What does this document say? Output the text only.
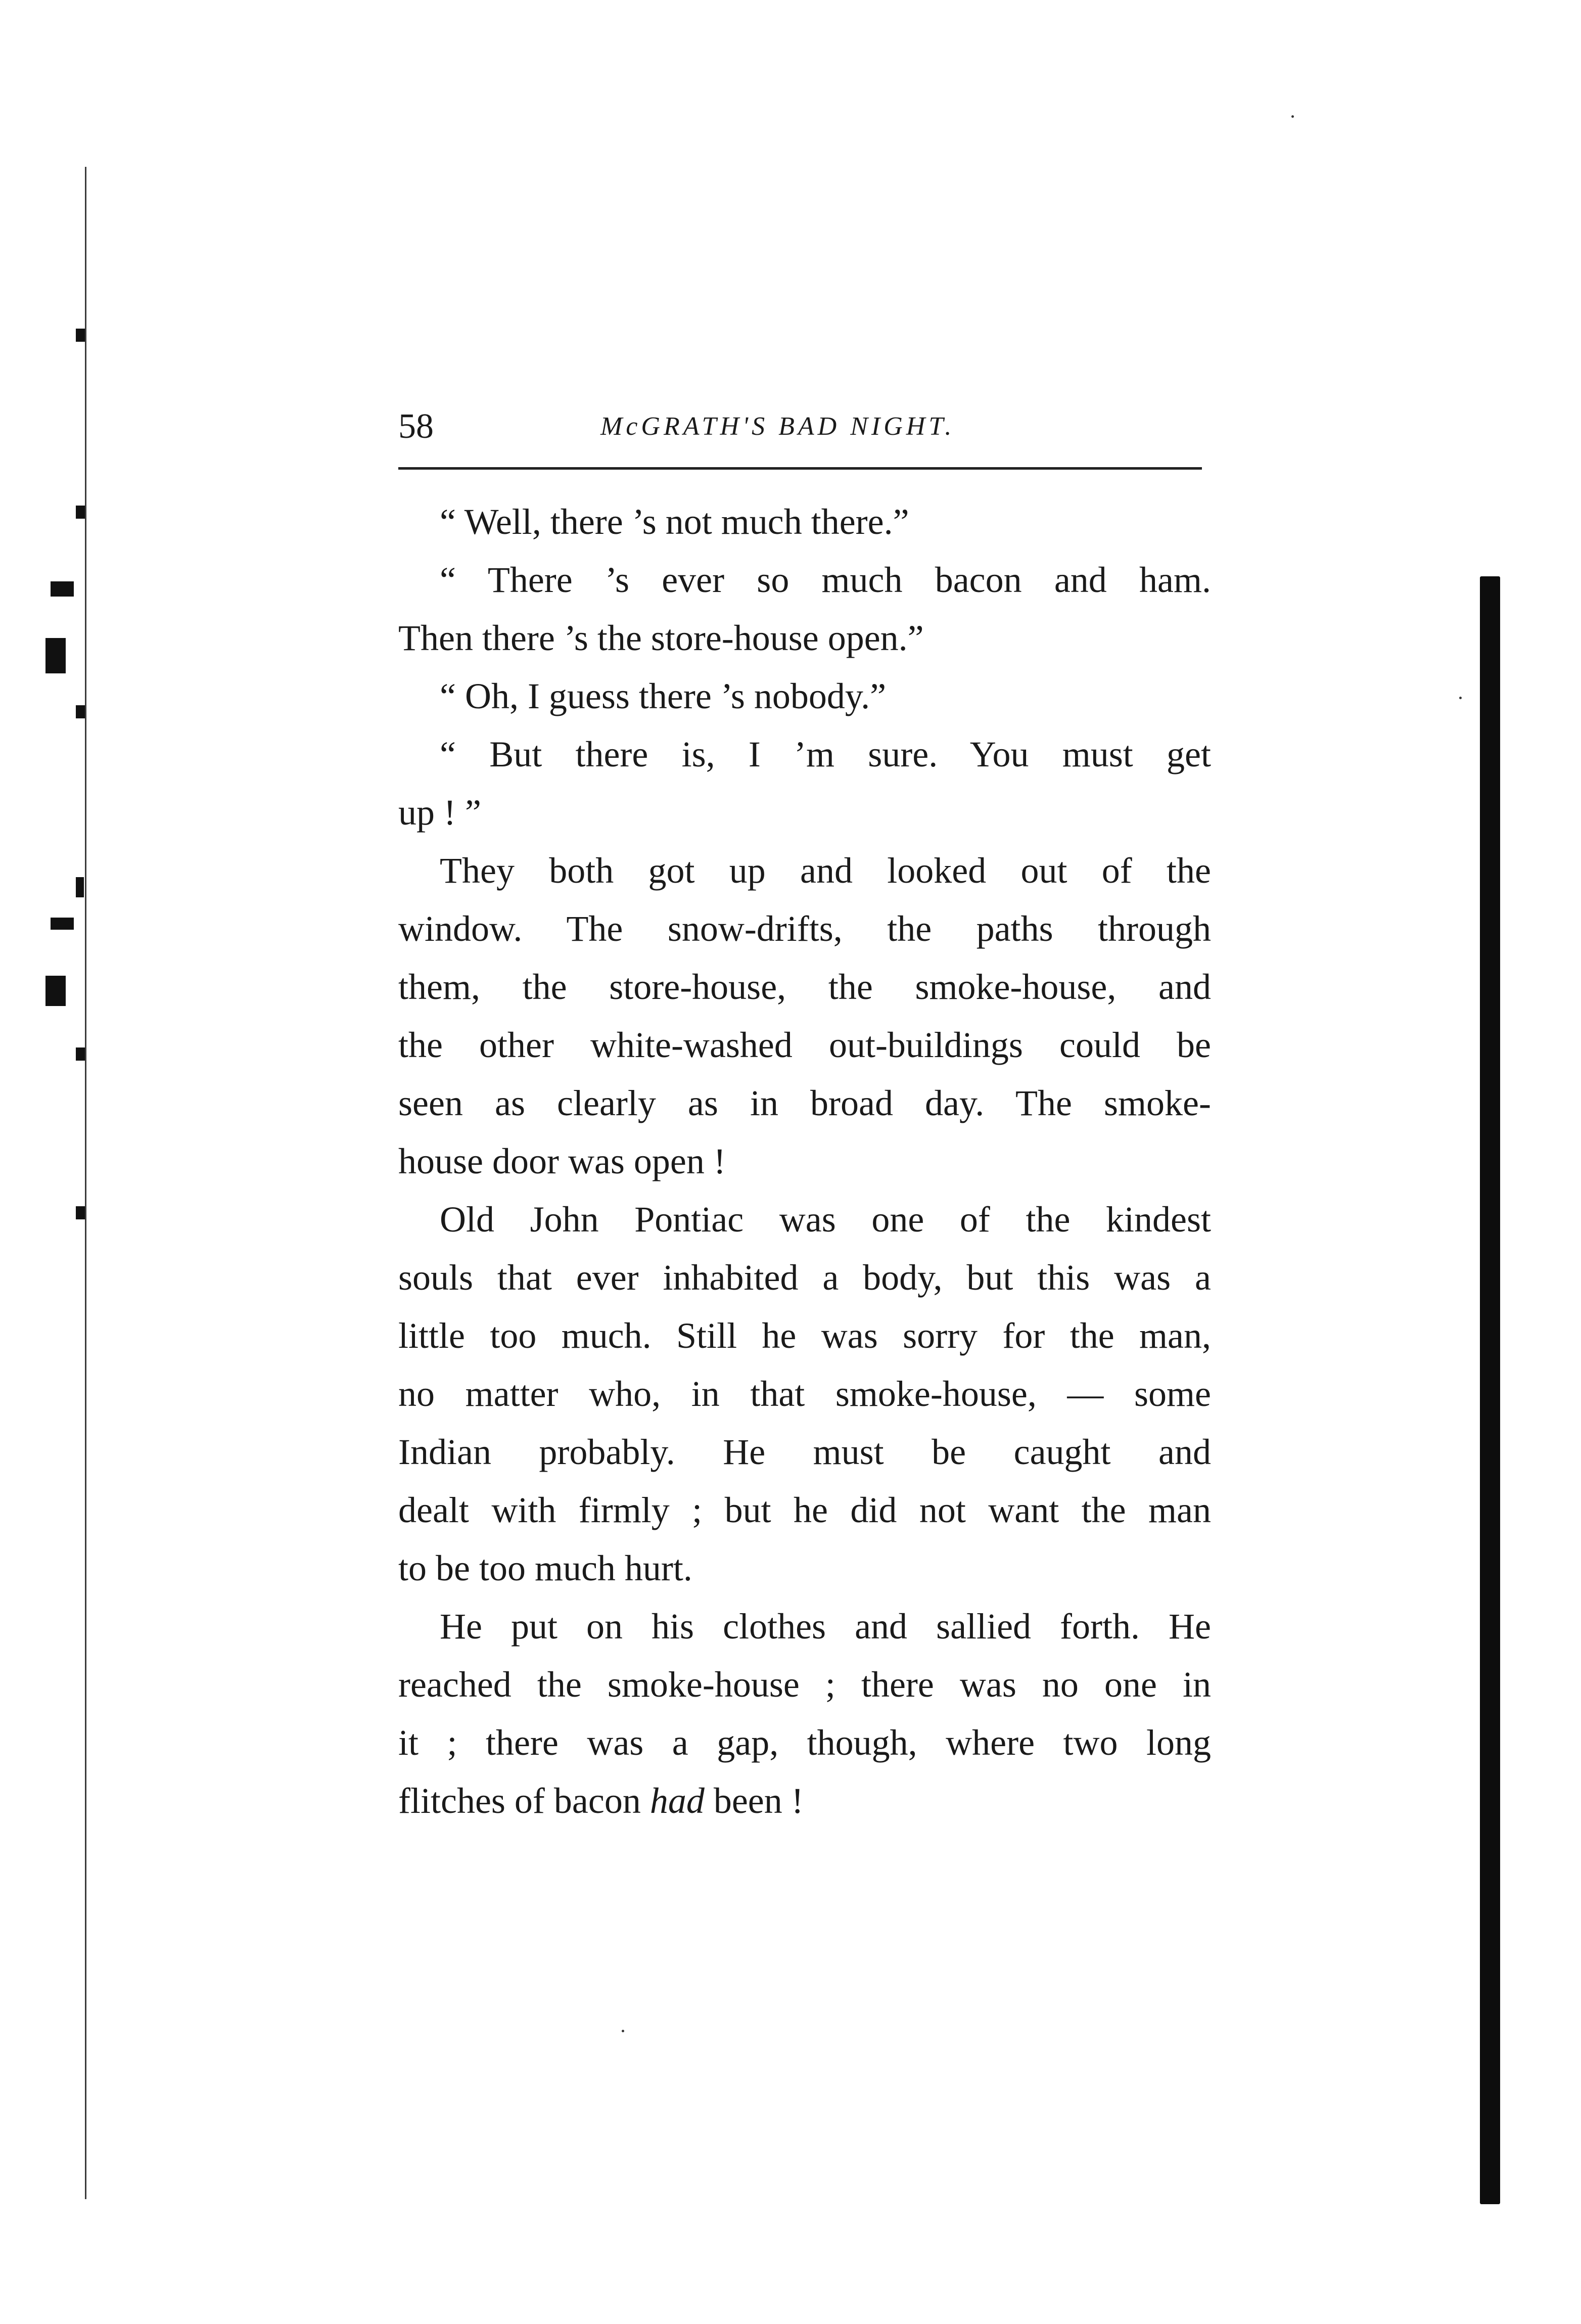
58	McGRATH'S BAD NIGHT.
“ Well, there ’s not much there.”
“ There ’s ever so much bacon and ham.
Then there ’s the store-house open.”
“ Oh, I guess there ’s nobody.”
“ But there is, I ’m sure. You must get
up ! ”
They both got up and looked out of the
window. The snow-drifts, the paths through
them, the store-house, the smoke-house, and
the other white-washed out-buildings could be
seen as clearly as in broad day. The smoke-
house door was open !
Old John Pontiac was one of the kindest
souls that ever inhabited a body, but this was a
little too much. Still he was sorry for the man,
no matter who, in that smoke-house, — some
Indian probably. He must be caught and
dealt with firmly ; but he did not want the man
to be too much hurt.
He put on his clothes and sallied forth. He
reached the smoke-house ; there was no one in
it ; there was a gap, though, where two long
flitches of bacon had been !
